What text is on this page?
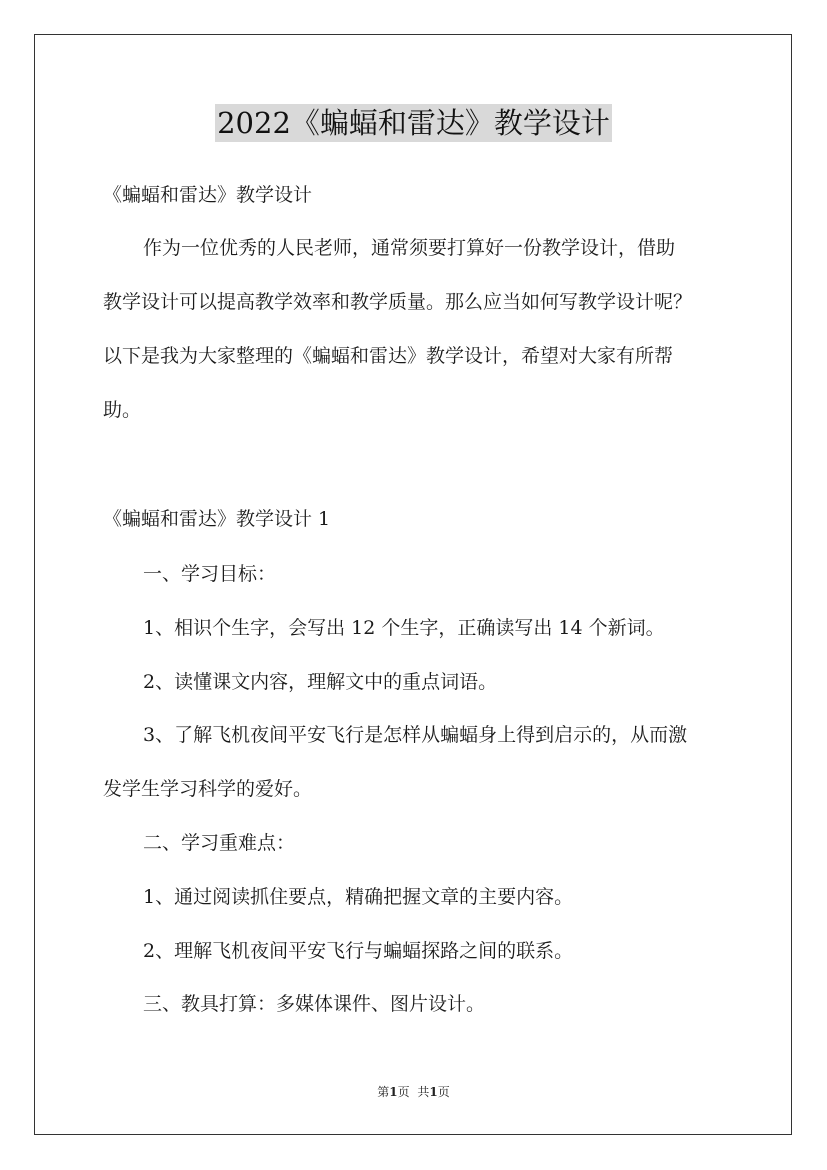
2022《蝙蝠和雷达》教学设计
《蝙蝠和雷达》教学设计
作为一位优秀的人民老师，通常须要打算好一份教学设计，借助
教学设计可以提高教学效率和教学质量。那么应当如何写教学设计呢？
以下是我为大家整理的《蝙蝠和雷达》教学设计，希望对大家有所帮
助。
《蝙蝠和雷达》教学设计 1
一、学习目标：
1、相识个生字，会写出 12 个生字，正确读写出 14 个新词。
2、读懂课文内容，理解文中的重点词语。
3、了解飞机夜间平安飞行是怎样从蝙蝠身上得到启示的，从而激
发学生学习科学的爱好。
二、学习重难点：
1、通过阅读抓住要点，精确把握文章的主要内容。
2、理解飞机夜间平安飞行与蝙蝠探路之间的联系。
三、教具打算：多媒体课件、图片设计。
第1页 共1页
